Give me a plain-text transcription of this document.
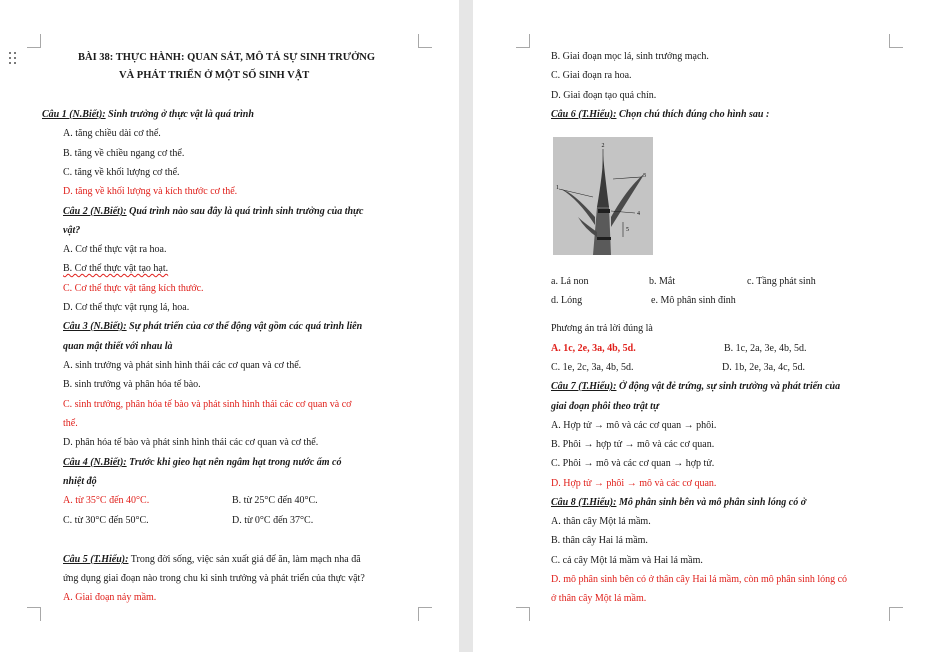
BÀI 38: THỰC HÀNH: QUAN SÁT, MÔ TẢ SỰ SINH TRƯỞNG
VÀ PHÁT TRIỂN Ở MỘT SỐ SINH VẬT
Câu 1 (N.Biết): Sinh trưởng ở thực vật là quá trình
A. tăng chiều dài cơ thể.
B. tăng về chiều ngang cơ thể.
C. tăng về khối lượng cơ thể.
D. tăng về khối lượng và kích thước cơ thể.
Câu 2 (N.Biết): Quá trình nào sau đây là quá trình sinh trưởng của thực
vật?
A. Cơ thể thực vật ra hoa.
B. Cơ thể thực vật tạo hạt.
C. Cơ thể thực vật tăng kích thước.
D. Cơ thể thực vật rụng lá, hoa.
Câu 3 (N.Biết): Sự phát triển của cơ thể động vật gồm các quá trình liên
quan mật thiết với nhau là
A. sinh trưởng và phát sinh hình thái các cơ quan và cơ thể.
B. sinh trưởng và phân hóa tế bào.
C. sinh trưởng, phân hóa tế bào và phát sinh hình thái các cơ quan và cơ
thể.
D. phân hóa tế bào và phát sinh hình thái các cơ quan và cơ thể.
Câu 4 (N.Biết): Trước khi gieo hạt nên ngâm hạt trong nước ấm có
nhiệt độ
A. từ 35°C đến 40°C.	B. từ 25°C đến 40°C.
C. từ 30°C đến 50°C.	D. từ 0°C đến 37°C.
Câu 5 (T.Hiểu): Trong đời sống, việc sản xuất giá để ăn, làm mạch nha đã
ứng dụng giai đoạn nào trong chu kì sinh trưởng và phát triển của thực vật?
A. Giai đoạn nảy mầm.
B. Giai đoạn mọc lá, sinh trưởng mạch.
C. Giai đoạn ra hoa.
D. Giai đoạn tạo quả chín.
Câu 6 (T.Hiểu): Chọn chú thích đúng cho hình sau :
2
1
3
4
5
a. Lá non	b. Mắt	c. Tầng phát sinh
d. Lóng	e. Mô phân sinh đỉnh
Phương án trả lời đúng là
A. 1c, 2e, 3a, 4b, 5d.	B. 1c, 2a, 3e, 4b, 5d.
C. 1e, 2c, 3a, 4b, 5d.	D. 1b, 2e, 3a, 4c, 5d.
Câu 7 (T.Hiểu): Ở động vật đẻ trứng, sự sinh trưởng và phát triển của
giai đoạn phôi theo trật tự
A. Hợp tử → mô và các cơ quan → phôi.
B. Phôi → hợp tử → mô và các cơ quan.
C. Phôi → mô và các cơ quan → hợp tử.
D. Hợp tử → phôi → mô và các cơ quan.
Câu 8 (T.Hiểu): Mô phân sinh bên và mô phân sinh lóng có ở
A. thân cây Một lá mầm.
B. thân cây Hai lá mầm.
C. cả cây Một lá mầm và Hai lá mầm.
D. mô phân sinh bên có ở thân cây Hai lá mầm, còn mô phân sinh lóng có
ở thân cây Một lá mầm.
